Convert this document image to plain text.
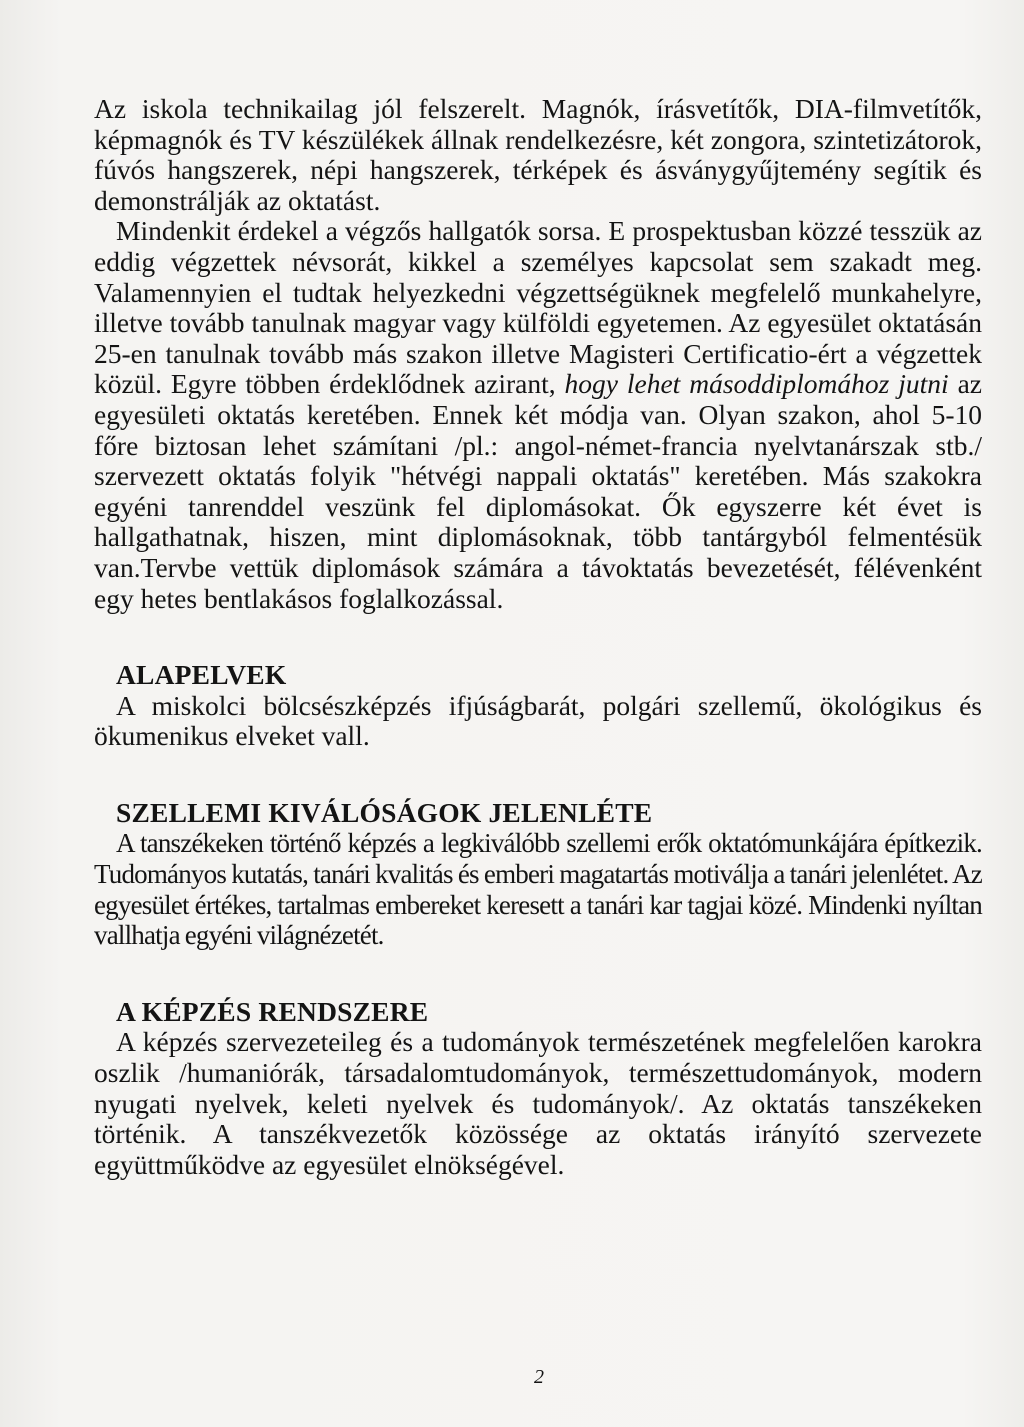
Az iskola technikailag jól felszerelt. Magnók, írásvetítők, DIA-filmvetítők, képmagnók és TV készülékek állnak rendelkezésre, két zongora, szintetizátorok, fúvós hangszerek, népi hangszerek, térképek és ásványgyűjtemény segítik és demonstrálják az oktatást.

Mindenkit érdekel a végzős hallgatók sorsa. E prospektusban közzé tesszük az eddig végzettek névsorát, kikkel a személyes kapcsolat sem szakadt meg. Valamennyien el tudtak helyezkedni végzettségüknek megfelelő munkahelyre, illetve tovább tanulnak magyar vagy külföldi egyetemen. Az egyesület oktatásán 25-en tanulnak tovább más szakon illetve Magisteri Certificatio-ért a végzettek közül. Egyre többen érdeklődnek azirant, hogy lehet másoddiplomához jutni az egyesületi oktatás keretében. Ennek két módja van. Olyan szakon, ahol 5-10 főre biztosan lehet számítani /pl.: angol-német-francia nyelvtanárszak stb./ szervezett oktatás folyik "hétvégi nappali oktatás" keretében. Más szakokra egyéni tanrenddel veszünk fel diplomásokat. Ők egyszerre két évet is hallgathatnak, hiszen, mint diplomásoknak, több tantárgyból felmentésük van.Tervbe vettük diplomások számára a távoktatás bevezetését, félévenként egy hetes bentlakásos foglalkozással.

ALAPELVEK

A miskolci bölcsészképzés ifjúságbarát, polgári szellemű, ökológikus és ökumenikus elveket vall.

SZELLEMI KIVÁLÓSÁGOK JELENLÉTE

A tanszékeken történő képzés a legkiválóbb szellemi erők oktatómunkájára építkezik. Tudományos kutatás, tanári kvalitás és emberi magatartás motiválja a tanári jelenlétet. Az egyesület értékes, tartalmas embereket keresett a tanári kar tagjai közé. Mindenki nyíltan vallhatja egyéni világnézetét.

A KÉPZÉS RENDSZERE

A képzés szervezeteileg és a tudományok természetének megfelelően karokra oszlik /humaniórák, társadalomtudományok, természettudományok, modern nyugati nyelvek, keleti nyelvek és tudományok/. Az oktatás tanszékeken történik. A tanszékvezetők közössége az oktatás irányító szervezete együttműködve az egyesület elnökségével.

2
